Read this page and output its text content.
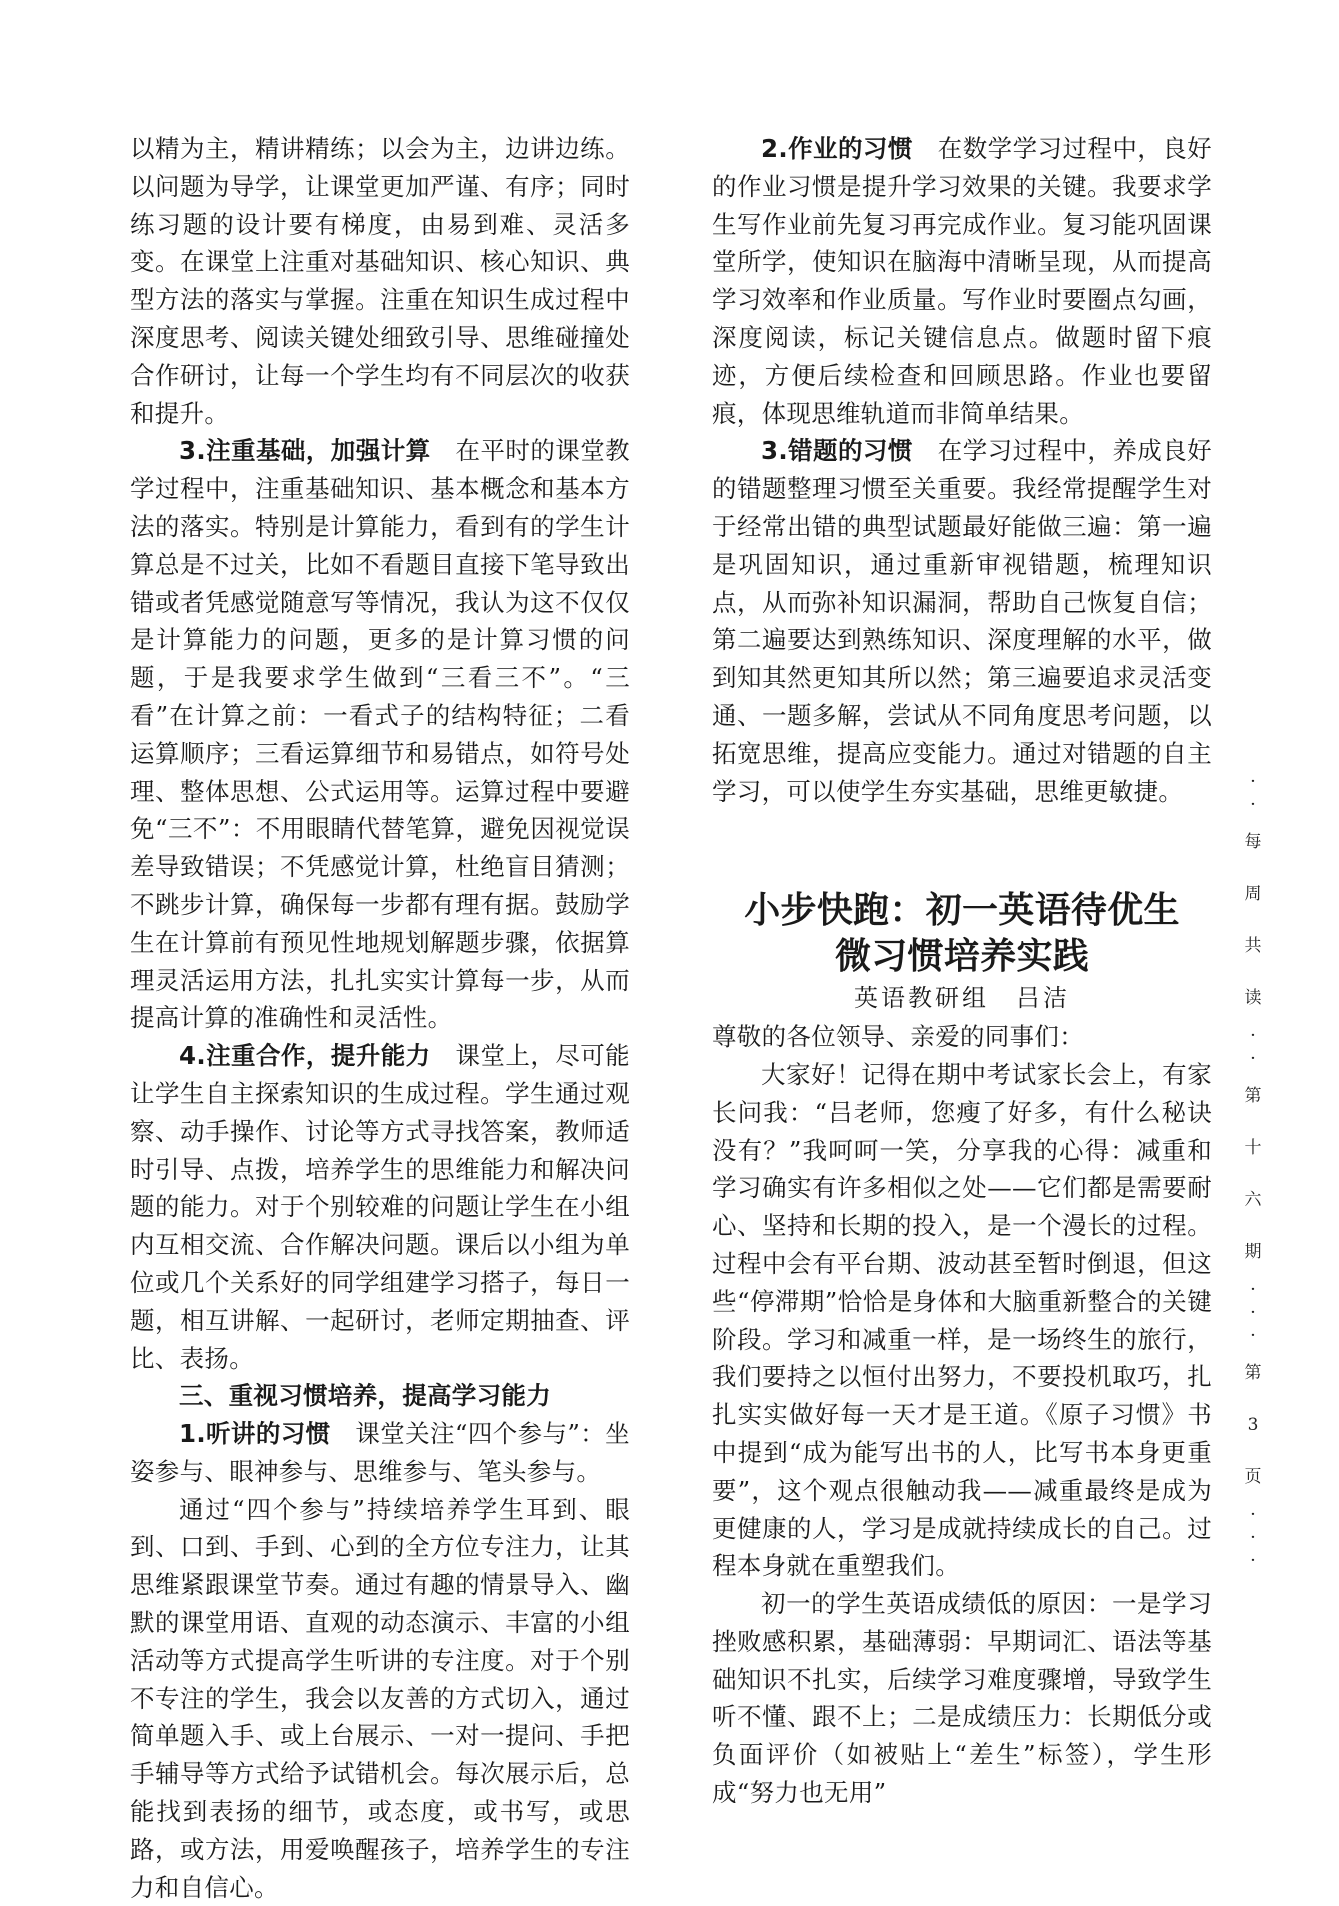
以精为主，精讲精练；以会为主，边讲边练。以问题为导学，让课堂更加严谨、有序；同时练习题的设计要有梯度，由易到难、灵活多变。在课堂上注重对基础知识、核心知识、典型方法的落实与掌握。注重在知识生成过程中深度思考、阅读关键处细致引导、思维碰撞处合作研讨，让每一个学生均有不同层次的收获和提升。

3.注重基础，加强计算　 在平时的课堂教学过程中，注重基础知识、基本概念和基本方法的落实。特别是计算能力，看到有的学生计算总是不过关，比如不看题目直接下笔导致出错或者凭感觉随意写等情况，我认为这不仅仅是计算能力的问题，更多的是计算习惯的问题，于是我要求学生做到“三看三不”。“三看”在计算之前：一看式子的结构特征；二看运算顺序；三看运算细节和易错点，如符号处理、整体思想、公式运用等。运算过程中要避免“三不”：不用眼睛代替笔算，避免因视觉误差导致错误；不凭感觉计算，杜绝盲目猜测；不跳步计算，确保每一步都有理有据。鼓励学生在计算前有预见性地规划解题步骤，依据算理灵活运用方法，扎扎实实计算每一步，从而提高计算的准确性和灵活性。

4.注重合作，提升能力　 课堂上，尽可能让学生自主探索知识的生成过程。学生通过观察、动手操作、讨论等方式寻找答案，教师适时引导、点拨，培养学生的思维能力和解决问题的能力。对于个别较难的问题让学生在小组内互相交流、合作解决问题。课后以小组为单位或几个关系好的同学组建学习搭子，每日一题，相互讲解、一起研讨，老师定期抽查、评比、表扬。

三、重视习惯培养，提高学习能力

1.听讲的习惯　 课堂关注“四个参与”：坐姿参与、眼神参与、思维参与、笔头参与。

通过“四个参与”持续培养学生耳到、眼到、口到、手到、心到的全方位专注力，让其思维紧跟课堂节奏。通过有趣的情景导入、幽默的课堂用语、直观的动态演示、丰富的小组活动等方式提高学生听讲的专注度。对于个别不专注的学生，我会以友善的方式切入，通过简单题入手、或上台展示、一对一提问、手把手辅导等方式给予试错机会。每次展示后，总能找到表扬的细节，或态度，或书写，或思路，或方法，用爱唤醒孩子，培养学生的专注力和自信心。

2.作业的习惯　 在数学学习过程中，良好的作业习惯是提升学习效果的关键。我要求学生写作业前先复习再完成作业。复习能巩固课堂所学，使知识在脑海中清晰呈现，从而提高学习效率和作业质量。写作业时要圈点勾画，深度阅读，标记关键信息点。做题时留下痕迹，方便后续检查和回顾思路。作业也要留痕，体现思维轨道而非简单结果。

3.错题的习惯　 在学习过程中，养成良好的错题整理习惯至关重要。我经常提醒学生对于经常出错的典型试题最好能做三遍：第一遍是巩固知识，通过重新审视错题，梳理知识点，从而弥补知识漏洞，帮助自己恢复自信；第二遍要达到熟练知识、深度理解的水平，做到知其然更知其所以然；第三遍要追求灵活变通、一题多解，尝试从不同角度思考问题，以拓宽思维，提高应变能力。通过对错题的自主学习，可以使学生夯实基础，思维更敏捷。

小步快跑：初一英语待优生
微习惯培养实践

英语教研组　吕洁

尊敬的各位领导、亲爱的同事们：

大家好！记得在期中考试家长会上，有家长问我：“吕老师，您瘦了好多，有什么秘诀没有？”我呵呵一笑，分享我的心得：减重和学习确实有许多相似之处——它们都是需要耐心、坚持和长期的投入，是一个漫长的过程。过程中会有平台期、波动甚至暂时倒退，但这些“停滞期”恰恰是身体和大脑重新整合的关键阶段。学习和减重一样，是一场终生的旅行，我们要持之以恒付出努力，不要投机取巧，扎扎实实做好每一天才是王道。《原子习惯》书中提到“成为能写出书的人，比写书本身更重要”，这个观点很触动我——减重最终是成为更健康的人，学习是成就持续成长的自己。过程本身就在重塑我们。

初一的学生英语成绩低的原因：一是学习挫败感积累，基础薄弱：早期词汇、语法等基础知识不扎实，后续学习难度骤增，导致学生听不懂、跟不上；二是成绩压力：长期低分或负面评价（如被贴上“差生”标签），学生形成“努力也无用”

·
·
每
周
共
读
·
·
第
十
六
期
·
·
·
第
3
页
·
·
·
